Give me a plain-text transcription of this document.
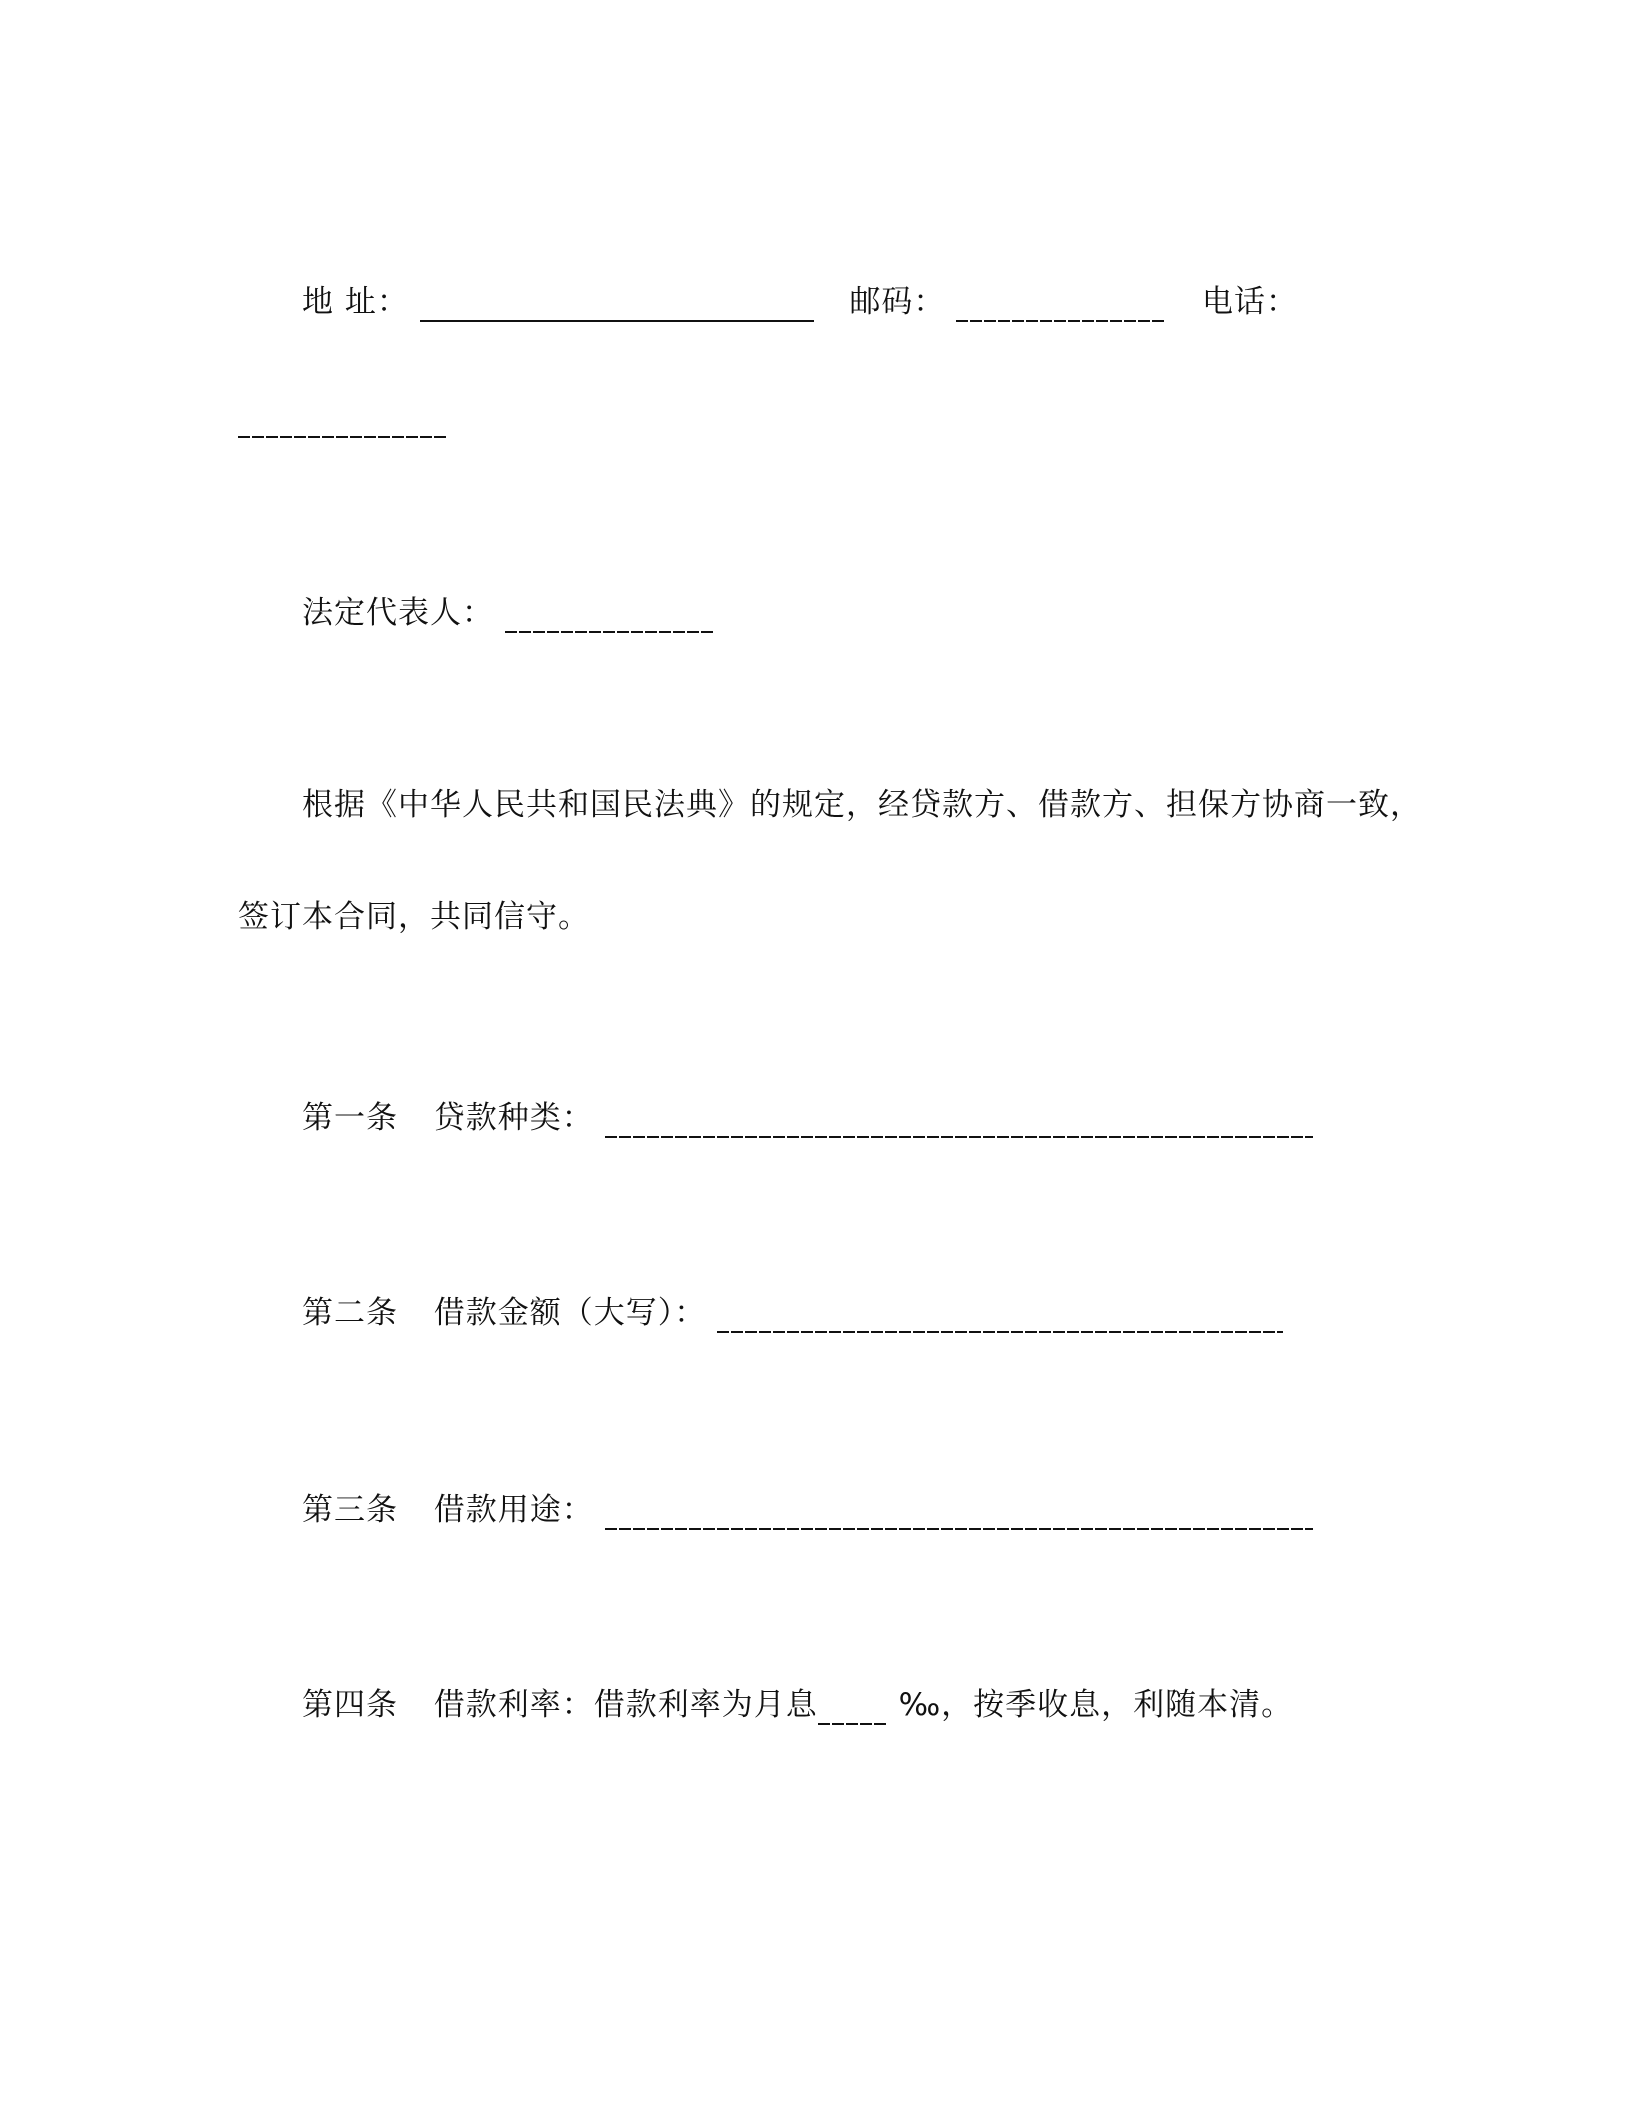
地 址：	邮码：	电话：
法定代表人：
根据《中华人民共和国民法典》的规定，经贷款方、借款方、担保方协商一致，
签订本合同，共同信守。
第一条 贷款种类：
第二条 借款金额（大写）：
第三条 借款用途：
第四条 借款利率：借款利率为月息 ‰，按季收息，利随本清。
